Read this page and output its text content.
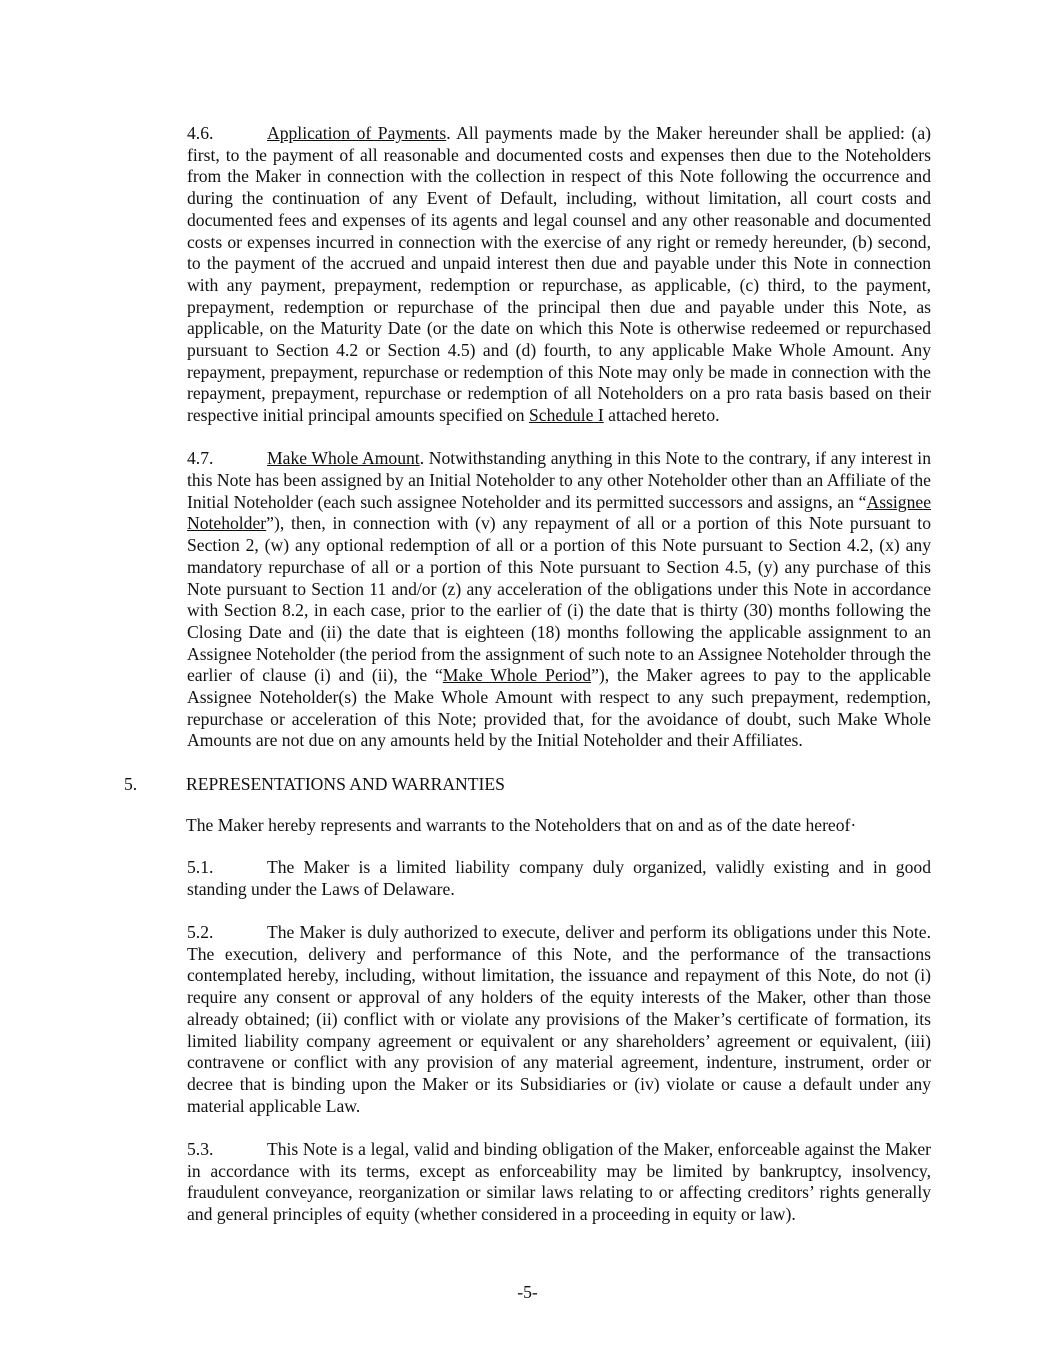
4.6.	Application of Payments. All payments made by the Maker hereunder shall be applied: (a) first, to the payment of all reasonable and documented costs and expenses then due to the Noteholders from the Maker in connection with the collection in respect of this Note following the occurrence and during the continuation of any Event of Default, including, without limitation, all court costs and documented fees and expenses of its agents and legal counsel and any other reasonable and documented costs or expenses incurred in connection with the exercise of any right or remedy hereunder, (b) second, to the payment of the accrued and unpaid interest then due and payable under this Note in connection with any payment, prepayment, redemption or repurchase, as applicable, (c) third, to the payment, prepayment, redemption or repurchase of the principal then due and payable under this Note, as applicable, on the Maturity Date (or the date on which this Note is otherwise redeemed or repurchased pursuant to Section 4.2 or Section 4.5) and (d) fourth, to any applicable Make Whole Amount. Any repayment, prepayment, repurchase or redemption of this Note may only be made in connection with the repayment, prepayment, repurchase or redemption of all Noteholders on a pro rata basis based on their respective initial principal amounts specified on Schedule I attached hereto.

4.7.	Make Whole Amount. Notwithstanding anything in this Note to the contrary, if any interest in this Note has been assigned by an Initial Noteholder to any other Noteholder other than an Affiliate of the Initial Noteholder (each such assignee Noteholder and its permitted successors and assigns, an “Assignee Noteholder”), then, in connection with (v) any repayment of all or a portion of this Note pursuant to Section 2, (w) any optional redemption of all or a portion of this Note pursuant to Section 4.2, (x) any mandatory repurchase of all or a portion of this Note pursuant to Section 4.5, (y) any purchase of this Note pursuant to Section 11 and/or (z) any acceleration of the obligations under this Note in accordance with Section 8.2, in each case, prior to the earlier of (i) the date that is thirty (30) months following the Closing Date and (ii) the date that is eighteen (18) months following the applicable assignment to an Assignee Noteholder (the period from the assignment of such note to an Assignee Noteholder through the earlier of clause (i) and (ii), the “Make Whole Period”), the Maker agrees to pay to the applicable Assignee Noteholder(s) the Make Whole Amount with respect to any such prepayment, redemption, repurchase or acceleration of this Note; provided that, for the avoidance of doubt, such Make Whole Amounts are not due on any amounts held by the Initial Noteholder and their Affiliates.

5.	REPRESENTATIONS AND WARRANTIES

The Maker hereby represents and warrants to the Noteholders that on and as of the date hereof·

5.1.	The Maker is a limited liability company duly organized, validly existing and in good standing under the Laws of Delaware.

5.2.	The Maker is duly authorized to execute, deliver and perform its obligations under this Note. The execution, delivery and performance of this Note, and the performance of the transactions contemplated hereby, including, without limitation, the issuance and repayment of this Note, do not (i) require any consent or approval of any holders of the equity interests of the Maker, other than those already obtained; (ii) conflict with or violate any provisions of the Maker’s certificate of formation, its limited liability company agreement or equivalent or any shareholders’ agreement or equivalent, (iii) contravene or conflict with any provision of any material agreement, indenture, instrument, order or decree that is binding upon the Maker or its Subsidiaries or (iv) violate or cause a default under any material applicable Law.

5.3.	This Note is a legal, valid and binding obligation of the Maker, enforceable against the Maker in accordance with its terms, except as enforceability may be limited by bankruptcy, insolvency, fraudulent conveyance, reorganization or similar laws relating to or affecting creditors’ rights generally and general principles of equity (whether considered in a proceeding in equity or law).

-5-
